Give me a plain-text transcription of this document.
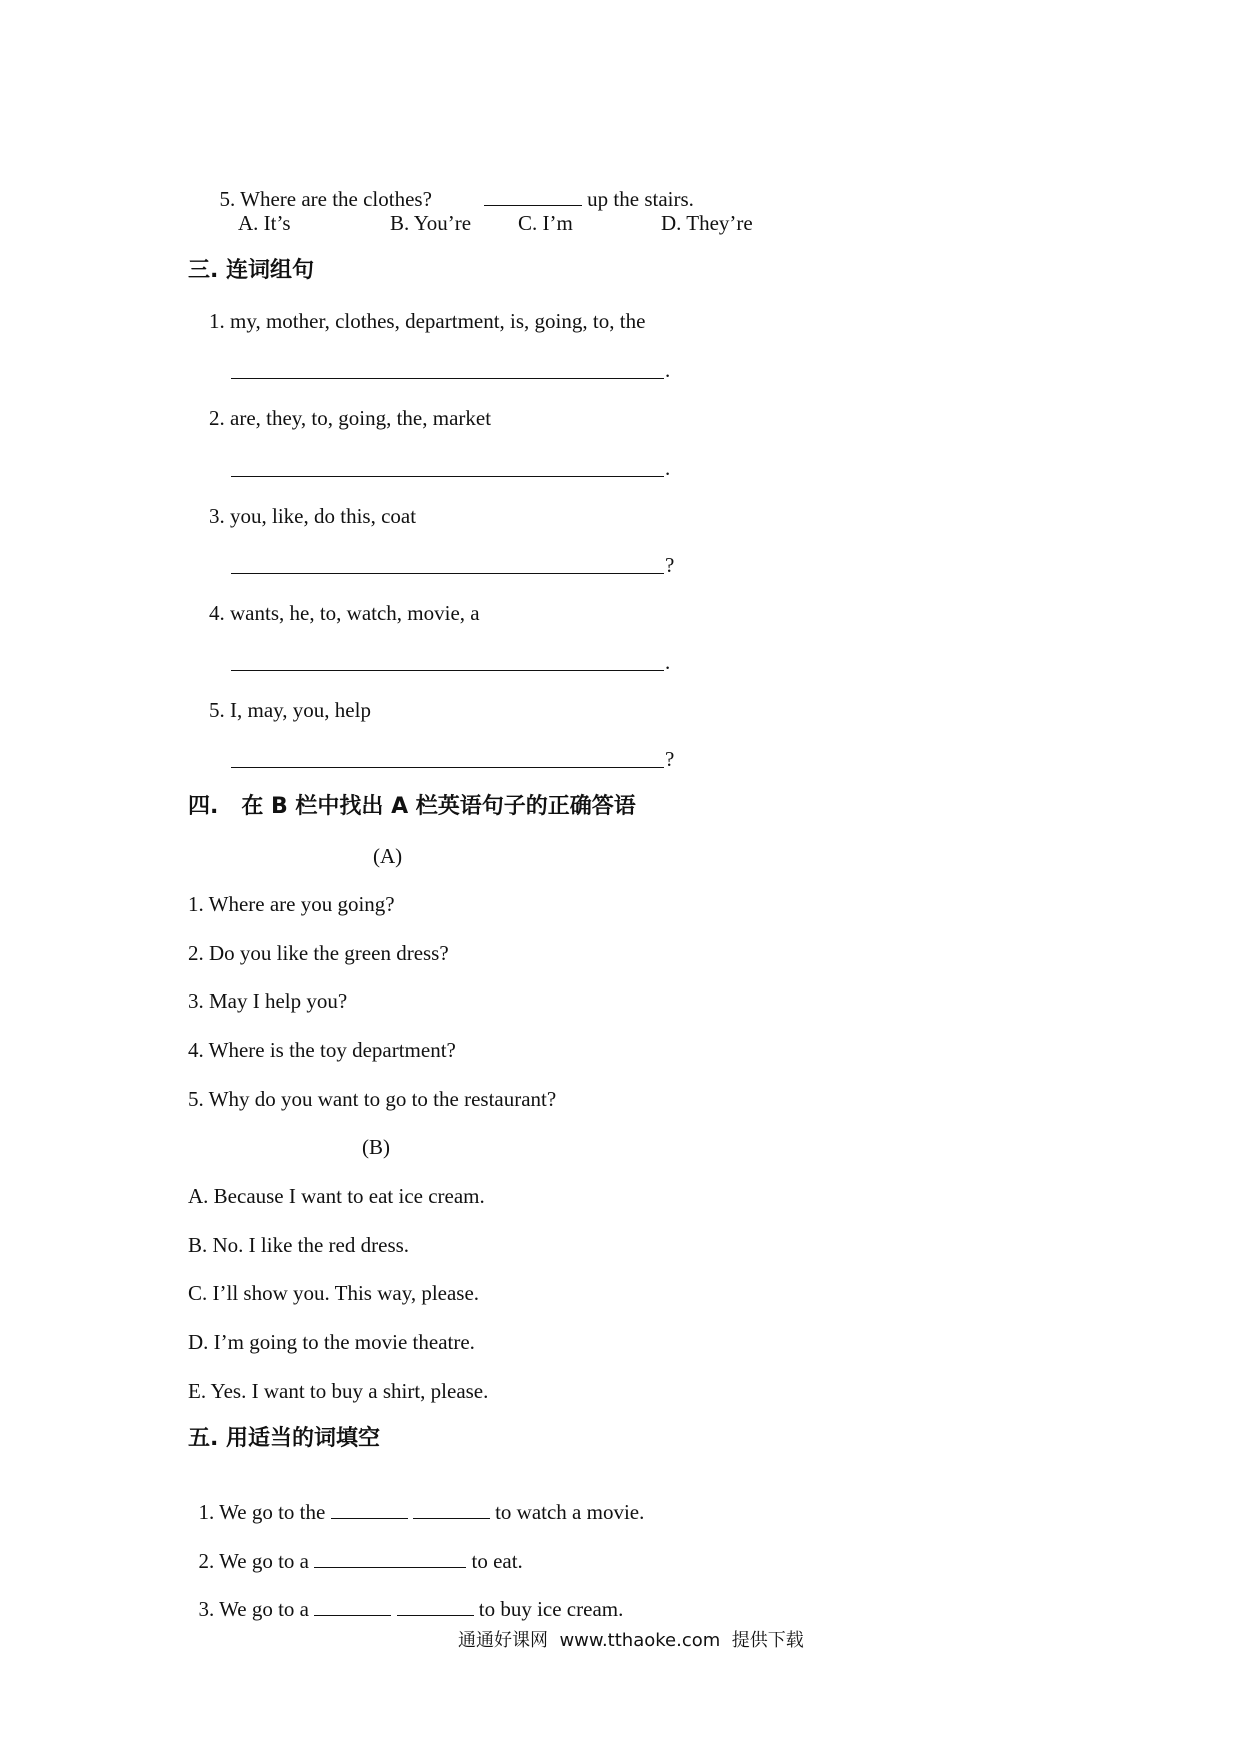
5. Where are the clothes?	up the stairs.

A. It’s	B. You’re C. I’m	D. They’re
三. 连词组句
1. my, mother, clothes, department, is, going, to, the
.
2. are, they, to, going, the, market
.
3. you, like, do this, coat
?
4. wants, he, to, watch, movie, a
.
5. I, may, you, help
?
四.   在 B 栏中找出 A 栏英语句子的正确答语
(A)
1. Where are you going?
2. Do you like the green dress?
3. May I help you?
4. Where is the toy department?
5. Why do you want to go to the restaurant?
(B)
A. Because I want to eat ice cream.
B. No. I like the red dress.
C. I’ll show you. This way, please.
D. I’m going to the movie theatre.
E. Yes. I want to buy a shirt, please.
五. 用适当的词填空

1. We go to the	to watch a movie.

2. We go to a	to eat.

3. We go to a	to buy ice cream.

通通好课网  www.tthaoke.com  提供下载
